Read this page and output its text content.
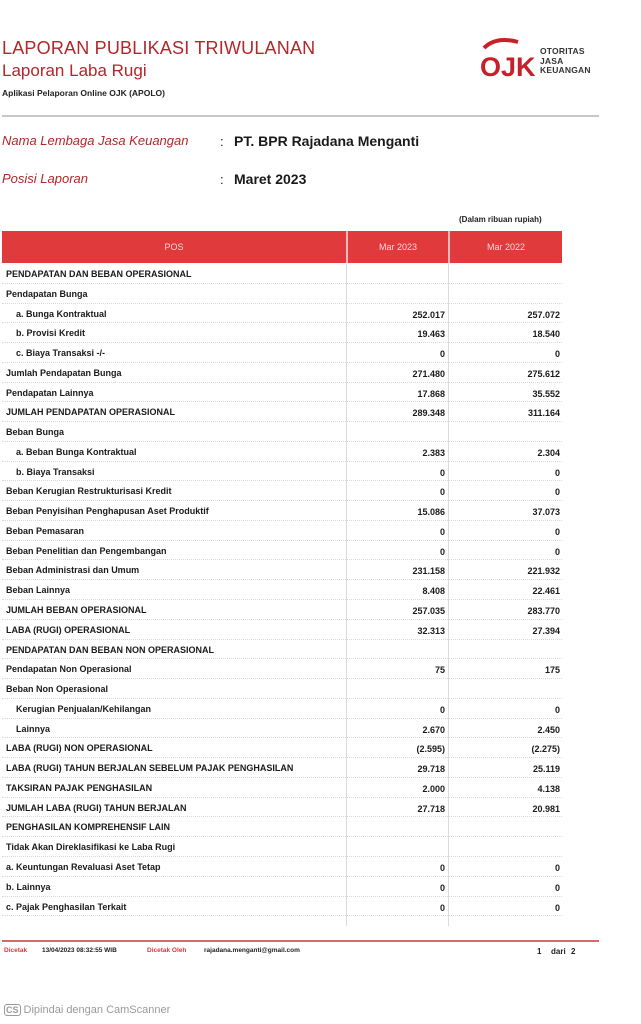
LAPORAN PUBLIKASI TRIWULANAN
Laporan Laba Rugi
Aplikasi Pelaporan Online OJK (APOLO)
OJK
OTORITAS
JASA
KEUANGAN
Nama Lembaga Jasa Keuangan : PT. BPR Rajadana Menganti
Posisi Laporan	: Maret 2023
(Dalam ribuan rupiah)
POS	Mar 2023	Mar 2022
PENDAPATAN DAN BEBAN OPERASIONAL
Pendapatan Bunga
a. Bunga Kontraktual	252.017	257.072
b. Provisi Kredit	19.463	18.540
c. Biaya Transaksi -/-	0	0
Jumlah Pendapatan Bunga	271.480	275.612
Pendapatan Lainnya	17.868	35.552
JUMLAH PENDAPATAN OPERASIONAL	289.348	311.164
Beban Bunga
a. Beban Bunga Kontraktual	2.383	2.304
b. Biaya Transaksi	0	0
Beban Kerugian Restrukturisasi Kredit	0	0
Beban Penyisihan Penghapusan Aset Produktif	15.086	37.073
Beban Pemasaran	0	0
Beban Penelitian dan Pengembangan	0	0
Beban Administrasi dan Umum	231.158	221.932
Beban Lainnya	8.408	22.461
JUMLAH BEBAN OPERASIONAL	257.035	283.770
LABA (RUGI) OPERASIONAL	32.313	27.394
PENDAPATAN DAN BEBAN NON OPERASIONAL
Pendapatan Non Operasional	75	175
Beban Non Operasional
Kerugian Penjualan/Kehilangan	0	0
Lainnya	2.670	2.450
LABA (RUGI) NON OPERASIONAL	(2.595)	(2.275)
LABA (RUGI) TAHUN BERJALAN SEBELUM PAJAK PENGHASILAN	29.718	25.119
TAKSIRAN PAJAK PENGHASILAN	2.000	4.138
JUMLAH LABA (RUGI) TAHUN BERJALAN	27.718	20.981
PENGHASILAN KOMPREHENSIF LAIN
Tidak Akan Direklasifikasi ke Laba Rugi
a. Keuntungan Revaluasi Aset Tetap	0	0
b. Lainnya	0	0
c. Pajak Penghasilan Terkait	0	0
Dicetak 13/04/2023 08:32:55 WIB	Dicetak Oleh	rajadana.menganti@gmail.com	1 dari 2
CS Dipindai dengan CamScanner
